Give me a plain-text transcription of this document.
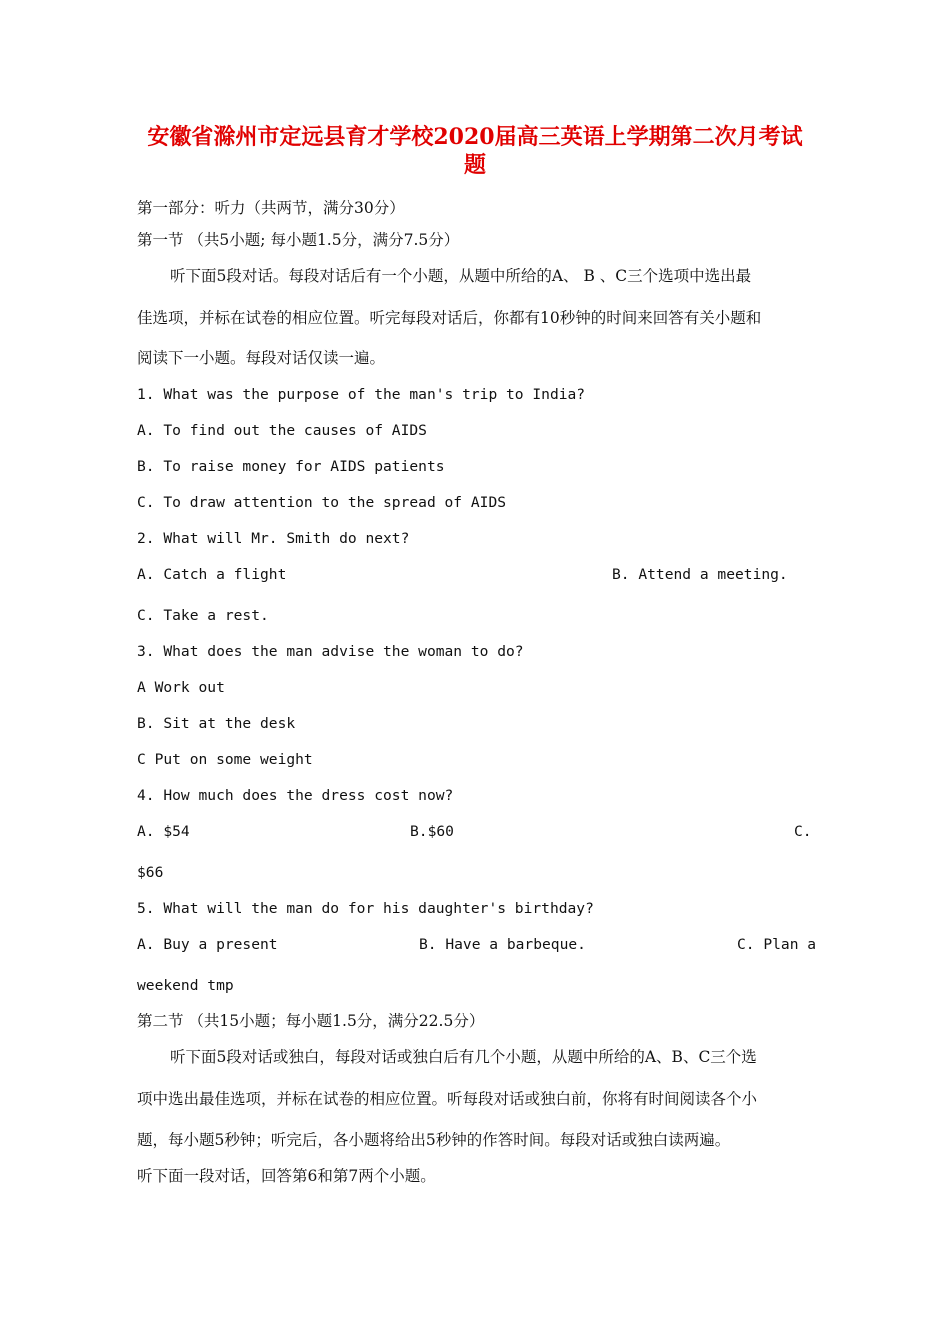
安徽省滁州市定远县育才学校2020届高三英语上学期第二次月考试
题
第一部分：听力（共两节，满分30分）
第一节 （共5小题; 每小题1.5分，满分7.5分）
听下面5段对话。每段对话后有一个小题，从题中所给的A、 B 、C三个选项中选出最
佳选项，并标在试卷的相应位置。听完每段对话后，你都有10秒钟的时间来回答有关小题和
阅读下一小题。每段对话仅读一遍。
1. What was the purpose of the man's trip to India?
A. To find out the causes of AIDS
B. To raise money for AIDS patients
C. To draw attention to the spread of AIDS
2. What will Mr. Smith do next?
A. Catch a flight	B. Attend a meeting.
C. Take a rest.
3. What does the man advise the woman to do?
A Work out
B. Sit at the desk
C Put on some weight
4. How much does the dress cost now?
A. $54	B.$60	C.
$66
5. What will the man do for his daughter's birthday?
A. Buy a present	B. Have a barbeque.	C. Plan a
weekend tmp
第二节 （共15小题；每小题1.5分，满分22.5分）
听下面5段对话或独白，每段对话或独白后有几个小题，从题中所给的A、B、C三个选
项中选出最佳选项，并标在试卷的相应位置。听每段对话或独白前，你将有时间阅读各个小
题，每小题5秒钟；听完后，各小题将给出5秒钟的作答时间。每段对话或独白读两遍。
听下面一段对话，回答第6和第7两个小题。
